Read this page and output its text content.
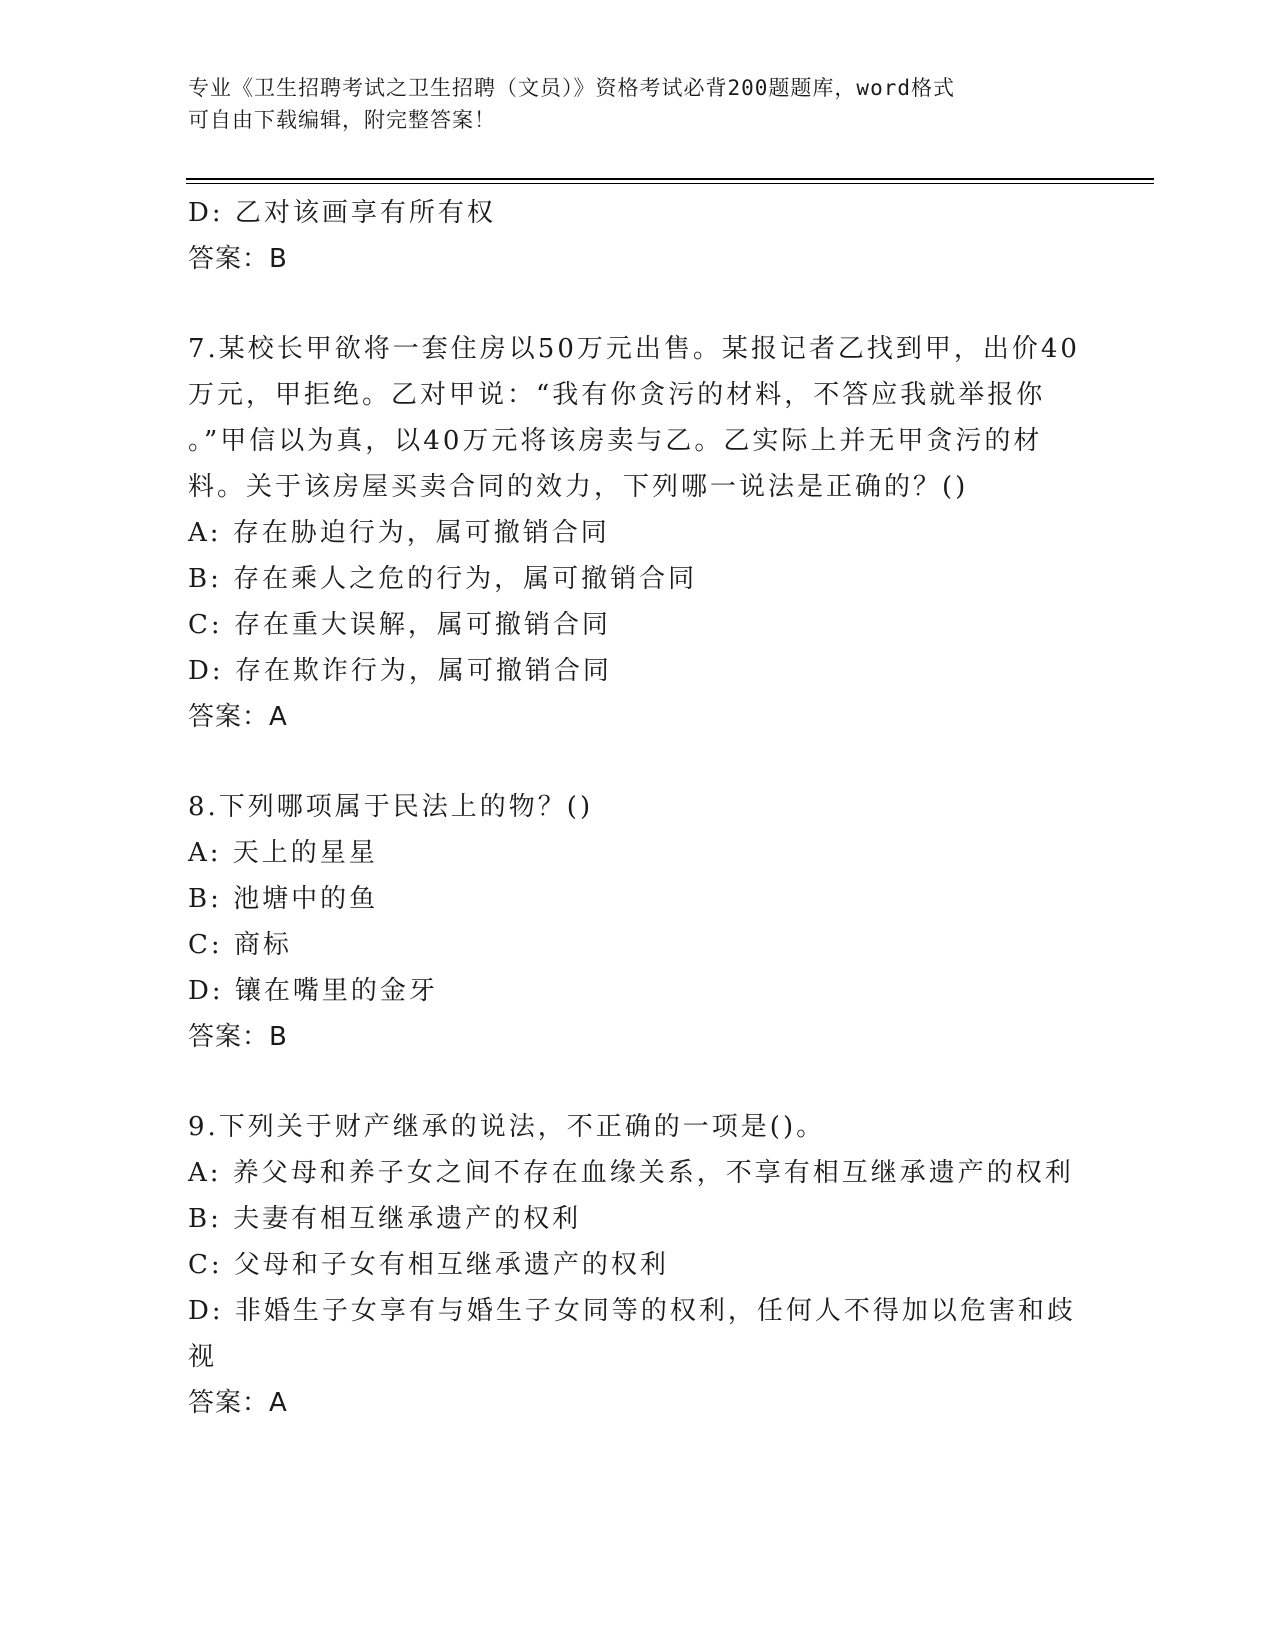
专业《卫生招聘考试之卫生招聘（文员）》资格考试必背200题题库，word格式
可自由下载编辑，附完整答案！
D: 乙对该画享有所有权
答案：B
7.某校长甲欲将一套住房以50万元出售。某报记者乙找到甲，出价40
万元，甲拒绝。乙对甲说：“我有你贪污的材料，不答应我就举报你
。”甲信以为真，以40万元将该房卖与乙。乙实际上并无甲贪污的材
料。关于该房屋买卖合同的效力，下列哪一说法是正确的？()
A: 存在胁迫行为，属可撤销合同
B: 存在乘人之危的行为，属可撤销合同
C: 存在重大误解，属可撤销合同
D: 存在欺诈行为，属可撤销合同
答案：A
8.下列哪项属于民法上的物？()
A: 天上的星星
B: 池塘中的鱼
C: 商标
D: 镶在嘴里的金牙
答案：B
9.下列关于财产继承的说法，不正确的一项是()。
A: 养父母和养子女之间不存在血缘关系，不享有相互继承遗产的权利
B: 夫妻有相互继承遗产的权利
C: 父母和子女有相互继承遗产的权利
D: 非婚生子女享有与婚生子女同等的权利，任何人不得加以危害和歧
视
答案：A
